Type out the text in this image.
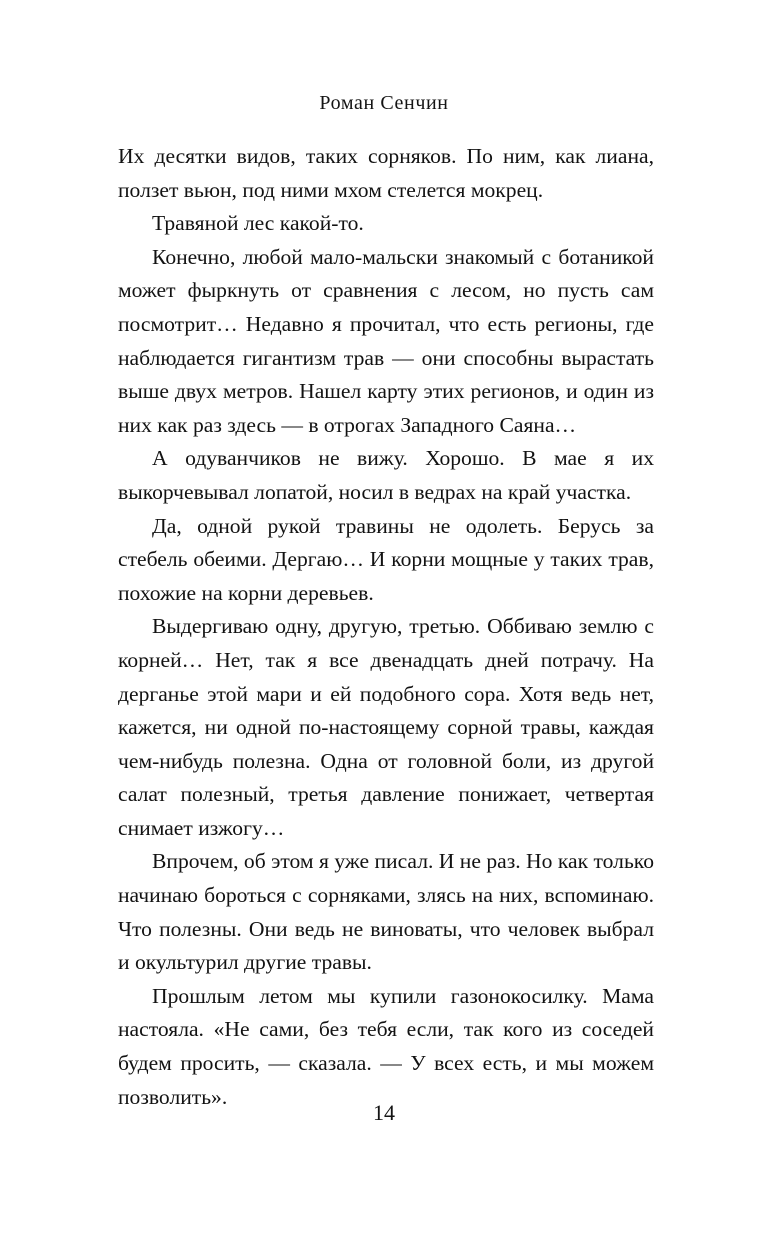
Роман Сенчин

Их десятки видов, таких сорняков. По ним, как лиана, ползет вьюн, под ними мхом стелется мокрец.

Травяной лес какой-то.

Конечно, любой мало-мальски знакомый с ботаникой может фыркнуть от сравнения с лесом, но пусть сам посмотрит… Недавно я прочитал, что есть регионы, где наблюдается гигантизм трав — они способны вырастать выше двух метров. Нашел карту этих регионов, и один из них как раз здесь — в отрогах Западного Саяна…

А одуванчиков не вижу. Хорошо. В мае я их выкорчевывал лопатой, носил в ведрах на край участка.

Да, одной рукой травины не одолеть. Берусь за стебель обеими. Дергаю… И корни мощные у таких трав, похожие на корни деревьев.

Выдергиваю одну, другую, третью. Оббиваю землю с корней… Нет, так я все двенадцать дней потрачу. На дерганье этой мари и ей подобного сора. Хотя ведь нет, кажется, ни одной по-настоящему сорной травы, каждая чем-нибудь полезна. Одна от головной боли, из другой салат полезный, третья давление понижает, четвертая снимает изжогу…

Впрочем, об этом я уже писал. И не раз. Но как только начинаю бороться с сорняками, злясь на них, вспоминаю. Что полезны. Они ведь не виноваты, что человек выбрал и окультурил другие травы.

Прошлым летом мы купили газонокосилку. Мама настояла. «Не сами, без тебя если, так кого из соседей будем просить, — сказала. — У всех есть, и мы можем позволить».

14
